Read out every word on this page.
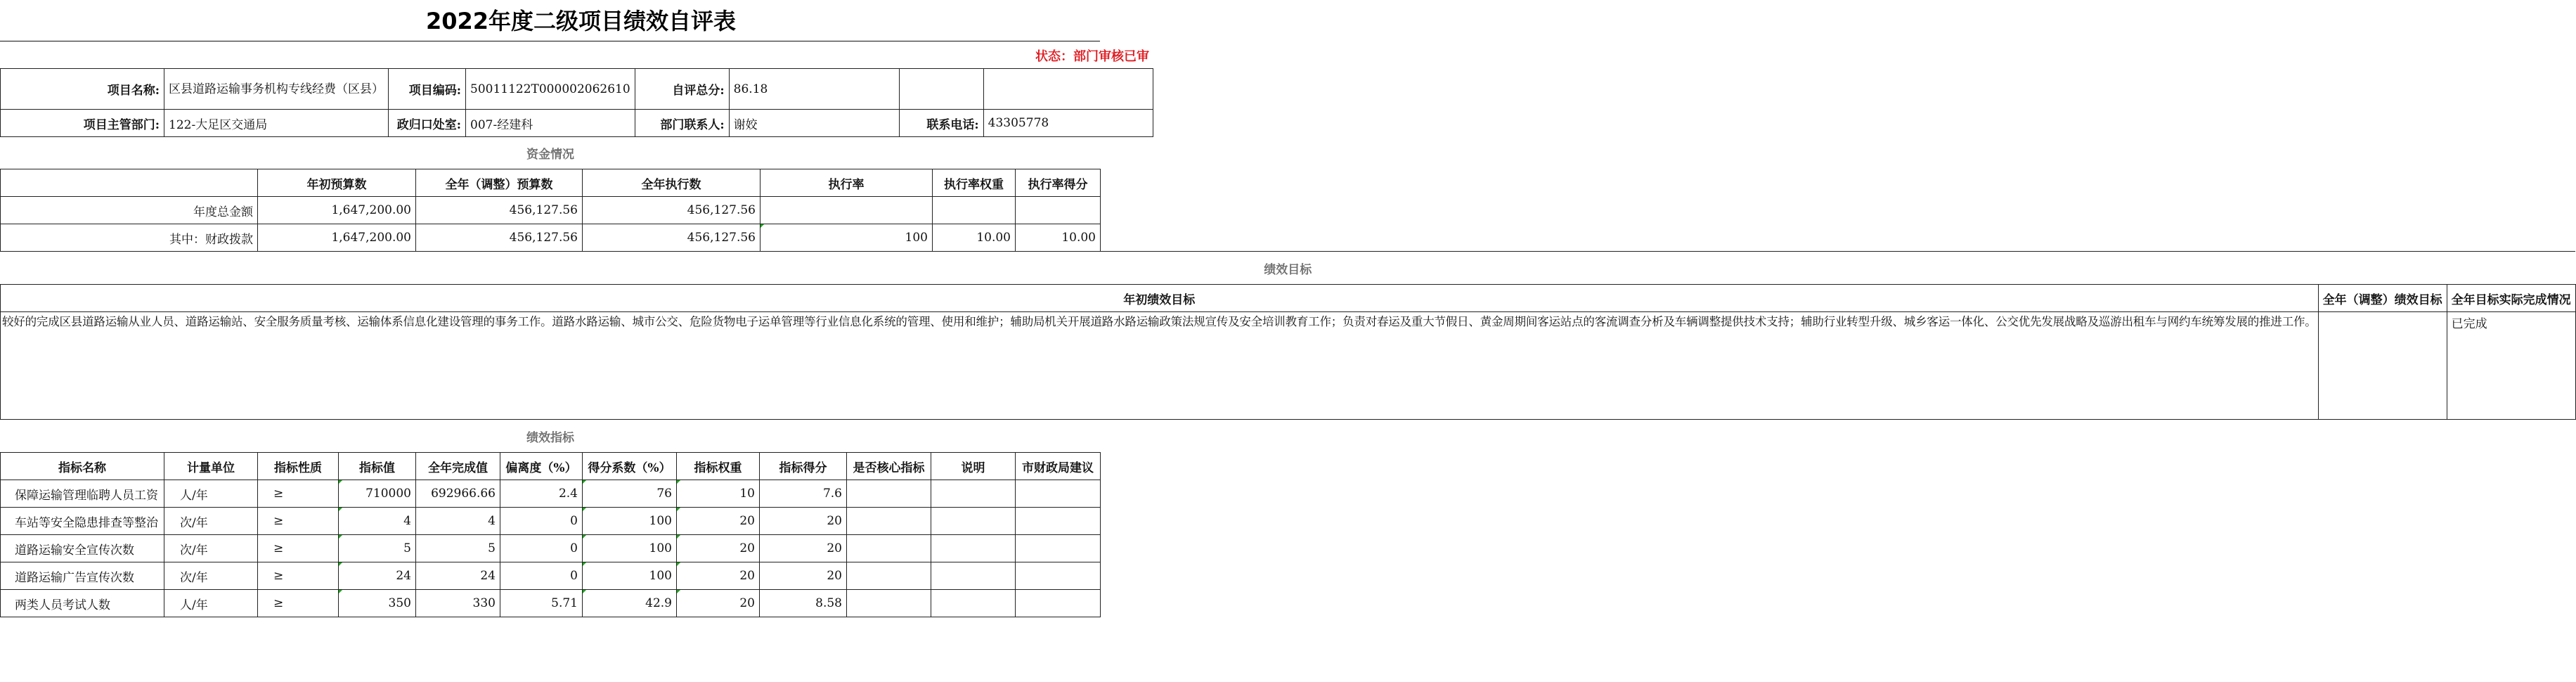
2022年度二级项目绩效自评表
状态：部门审核已审
项目名称:	区县道路运输事务机构专线经费（区县）	项目编码:	50011122T000002062610	自评总分:	86.18		
项目主管部门:	122-大足区交通局	政归口处室:	007-经建科	部门联系人:	谢姣	联系电话:	43305778
资金情况						
	年初预算数	全年（调整）预算数	全年执行数	执行率	执行率权重	执行率得分
年度总金额	1,647,200.00	456,127.56	456,127.56			
其中：财政拨款	1,647,200.00	456,127.56	456,127.56	100	10.00	10.00
绩效目标		
年初绩效目标	全年（调整）绩效目标	全年目标实际完成情况
较好的完成区县道路运输从业人员、道路运输站、安全服务质量考核、运输体系信息化建设管理的事务工作。道路水路运输、城市公交、危险货物电子运单管理等行业信息化系统的管理、使用和维护；辅助局机关开展道路水路运输政策法规宣传及安全培训教育工作；负责对春运及重大节假日、黄金周期间客运站点的客流调查分析及车辆调整提供技术支持；辅助行业转型升级、城乡客运一体化、公交优先发展战略及巡游出租车与网约车统筹发展的推进工作。		已完成
绩效指标											
指标名称	计量单位	指标性质	指标值	全年完成值	偏离度（%）	得分系数（%）	指标权重	指标得分	是否核心指标	说明	市财政局建议
保障运输管理临聘人员工资	人/年	≥	710000	692966.66	2.4	76	10	7.6			
车站等安全隐患排查等整治	次/年	≥	4	4	0	100	20	20			
道路运输安全宣传次数	次/年	≥	5	5	0	100	20	20			
道路运输广告宣传次数	次/年	≥	24	24	0	100	20	20			
两类人员考试人数	人/年	≥	350	330	5.71	42.9	20	8.58			
